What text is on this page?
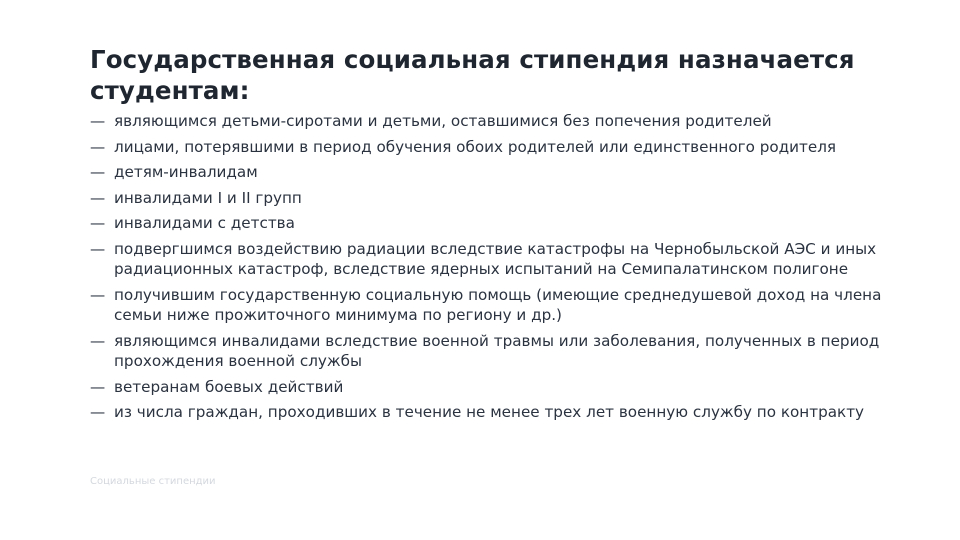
Государственная социальная стипендия назначается студентам:
— являющимся детьми-сиротами и детьми, оставшимися без попечения родителей
— лицами, потерявшими в период обучения обоих родителей или единственного родителя
— детям-инвалидам
— инвалидами I и II групп
— инвалидами с детства
— подвергшимся воздействию радиации вследствие катастрофы на Чернобыльской АЭС и иных радиационных катастроф, вследствие ядерных испытаний на Семипалатинском полигоне
— получившим государственную социальную помощь (имеющие среднедушевой доход на члена семьи ниже прожиточного минимума по региону и др.)
— являющимся инвалидами вследствие военной травмы или заболевания, полученных в период прохождения военной службы
— ветеранам боевых действий
— из числа граждан, проходивших в течение не менее трех лет военную службу по контракту
Социальные стипендии
